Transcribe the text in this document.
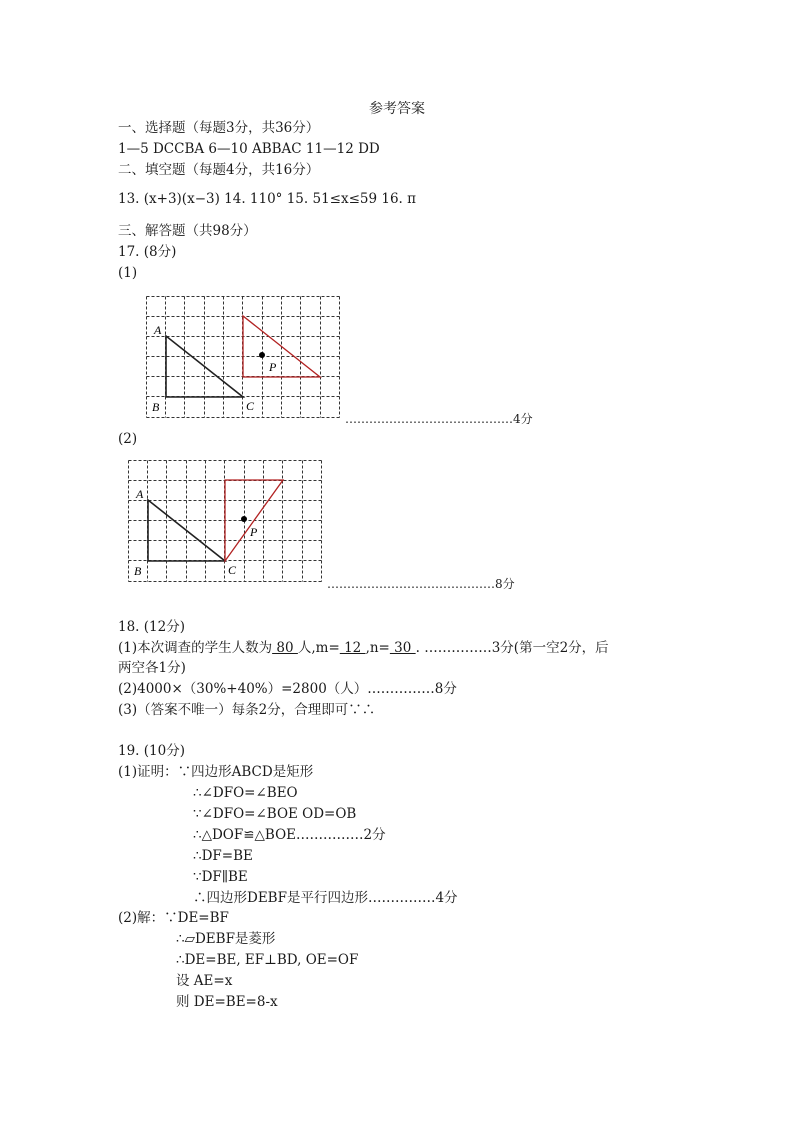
参考答案
一、选择题（每题3分，共36分）
1—5 DCCBA 6—10 ABBAC 11—12 DD
二、填空题（每题4分，共16分）
13. (x+3)(x−3) 14. 110° 15. 51≤x≤59 16. π
三、解答题（共98分）
17. (8分)
(1)
A
B	C
P
……………………………………4分
(2)
A
B	C
P
……………………………………8分
18. (12分)
(1)本次调查的学生人数为 80 人,m= 12 ,n= 30 . ……………3分(第一空2分，后
两空各1分)
(2)4000×（30%+40%）=2800（人）……………8分
(3)（答案不唯一）每条2分，合理即可∵∴
19. (10分)
(1)证明：∵四边形ABCD是矩形
∴∠DFO=∠BEO
∵∠DFO=∠BOE OD=OB
∴△DOF≌△BOE……………2分
∴DF=BE
∵DF∥BE
∴四边形DEBF是平行四边形……………4分
(2)解：∵DE=BF
∴▱DEBF是菱形
∴DE=BE, EF⊥BD, OE=OF
设 AE=x
则 DE=BE=8-x
